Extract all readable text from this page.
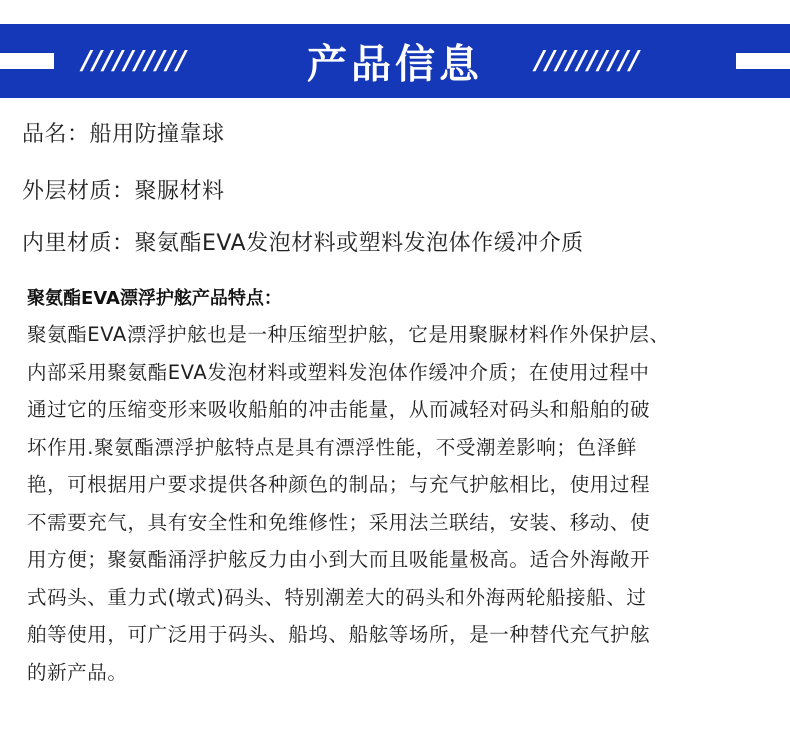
//////////	产品信息	//////////
品名：船用防撞靠球
外层材质：聚脲材料
内里材质：聚氨酯EVA发泡材料或塑料发泡体作缓冲介质
聚氨酯EVA漂浮护舷产品特点：
聚氨酯EVA漂浮护舷也是一种压缩型护舷，它是用聚脲材料作外保护层、
内部采用聚氨酯EVA发泡材料或塑料发泡体作缓冲介质；在使用过程中
通过它的压缩变形来吸收船舶的冲击能量，从而减轻对码头和船舶的破
坏作用.聚氨酯漂浮护舷特点是具有漂浮性能，不受潮差影响；色泽鲜
艳，可根据用户要求提供各种颜色的制品；与充气护舷相比，使用过程
不需要充气，具有安全性和免维修性；采用法兰联结，安装、移动、使
用方便；聚氨酯涌浮护舷反力由小到大而且吸能量极高。适合外海敞开
式码头、重力式(墩式)码头、特别潮差大的码头和外海两轮船接船、过
舶等使用，可广泛用于码头、船坞、船舷等场所，是一种替代充气护舷
的新产品。
